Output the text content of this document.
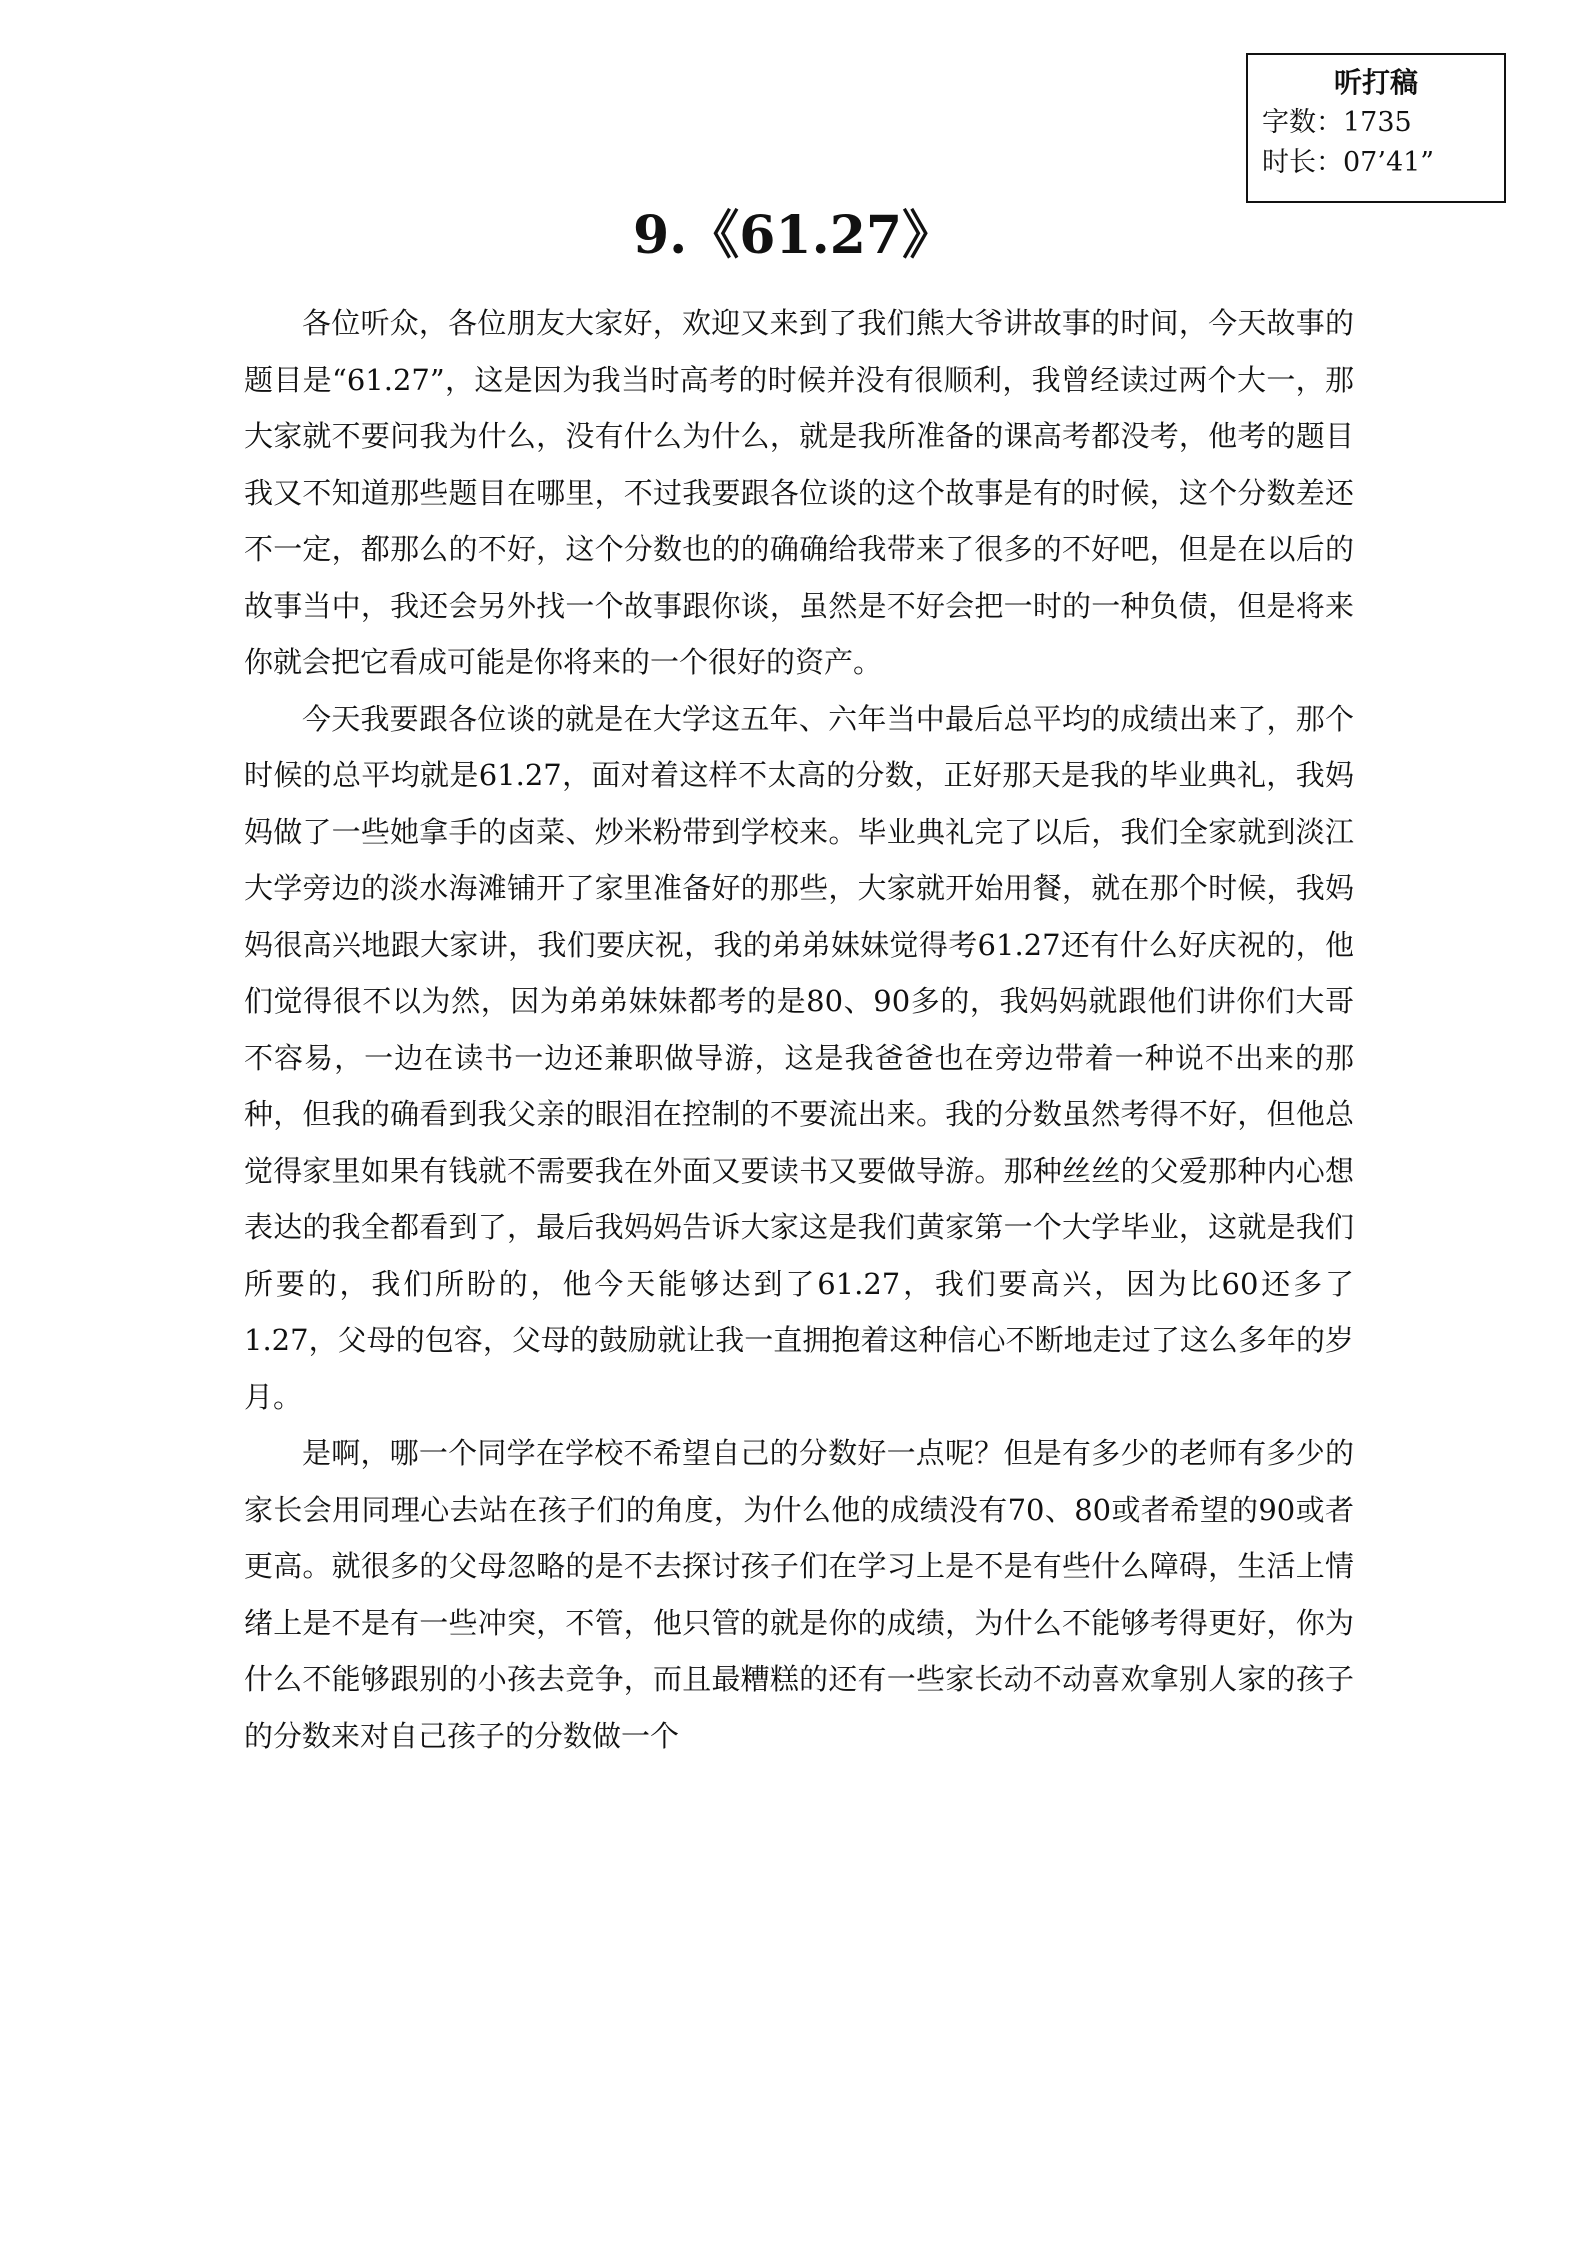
听打稿
字数：1735
时长：07’41”
9.《61.27》

各位听众，各位朋友大家好，欢迎又来到了我们熊大爷讲故事的时间，今天故事的题目是“61.27”，这是因为我当时高考的时候并没有很顺利，我曾经读过两个大一，那大家就不要问我为什么，没有什么为什么，就是我所准备的课高考都没考，他考的题目我又不知道那些题目在哪里，不过我要跟各位谈的这个故事是有的时候，这个分数差还不一定，都那么的不好，这个分数也的的确确给我带来了很多的不好吧，但是在以后的故事当中，我还会另外找一个故事跟你谈，虽然是不好会把一时的一种负债，但是将来你就会把它看成可能是你将来的一个很好的资产。

今天我要跟各位谈的就是在大学这五年、六年当中最后总平均的成绩出来了，那个时候的总平均就是61.27，面对着这样不太高的分数，正好那天是我的毕业典礼，我妈妈做了一些她拿手的卤菜、炒米粉带到学校来。毕业典礼完了以后，我们全家就到淡江大学旁边的淡水海滩铺开了家里准备好的那些，大家就开始用餐，就在那个时候，我妈妈很高兴地跟大家讲，我们要庆祝，我的弟弟妹妹觉得考61.27还有什么好庆祝的，他们觉得很不以为然，因为弟弟妹妹都考的是80、90多的，我妈妈就跟他们讲你们大哥不容易，一边在读书一边还兼职做导游，这是我爸爸也在旁边带着一种说不出来的那种，但我的确看到我父亲的眼泪在控制的不要流出来。我的分数虽然考得不好，但他总觉得家里如果有钱就不需要我在外面又要读书又要做导游。那种丝丝的父爱那种内心想表达的我全都看到了，最后我妈妈告诉大家这是我们黄家第一个大学毕业，这就是我们所要的，我们所盼的，他今天能够达到了61.27，我们要高兴，因为比60还多了1.27，父母的包容，父母的鼓励就让我一直拥抱着这种信心不断地走过了这么多年的岁月。

是啊，哪一个同学在学校不希望自己的分数好一点呢？但是有多少的老师有多少的家长会用同理心去站在孩子们的角度，为什么他的成绩没有70、80或者希望的90或者更高。就很多的父母忽略的是不去探讨孩子们在学习上是不是有些什么障碍，生活上情绪上是不是有一些冲突，不管，他只管的就是你的成绩，为什么不能够考得更好，你为什么不能够跟别的小孩去竞争，而且最糟糕的还有一些家长动不动喜欢拿别人家的孩子的分数来对自己孩子的分数做一个
